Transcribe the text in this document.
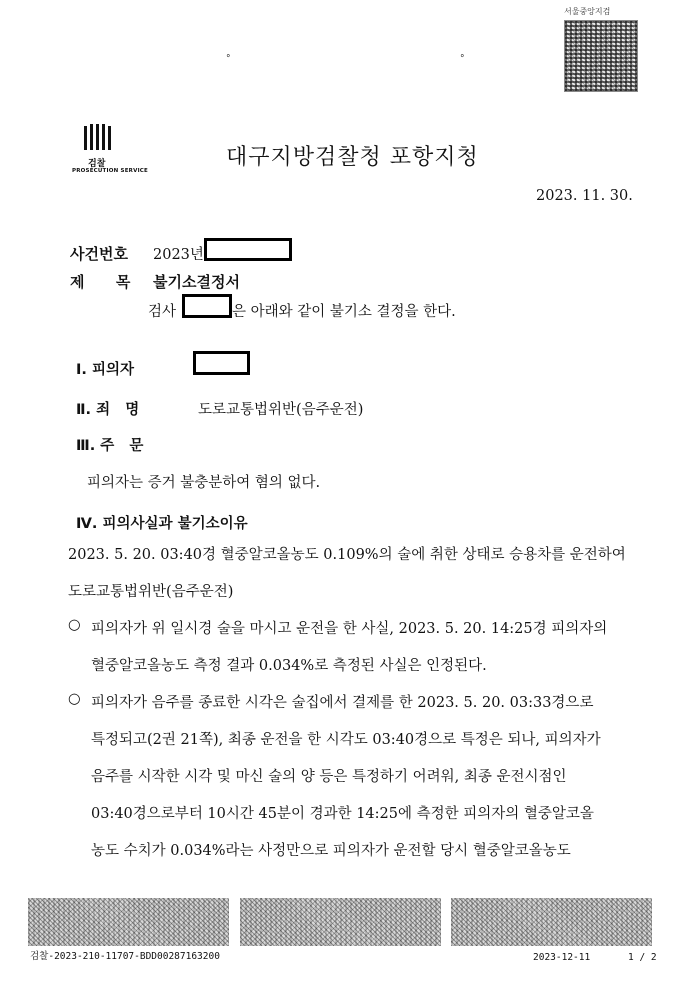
서울중앙지검
°	°
검찰
PROSECUTION SERVICE
대구지방검찰청 포항지청
2023. 11. 30.
사건번호 2023년
제      목 불기소결정서
검사	은 아래와 같이 불기소 결정을 한다.
Ⅰ. 피의자
Ⅱ. 죄   명	도로교통법위반(음주운전)
Ⅲ. 주   문
피의자는 증거 불충분하여 혐의 없다.
Ⅳ. 피의사실과 불기소이유
2023. 5. 20. 03:40경 혈중알코올농도 0.109%의 술에 취한 상태로 승용차를 운전하여
도로교통법위반(음주운전)
○ 피의자가 위 일시경 술을 마시고 운전을 한 사실, 2023. 5. 20. 14:25경 피의자의
혈중알코올농도 측정 결과 0.034%로 측정된 사실은 인정된다.
○ 피의자가 음주를 종료한 시각은 술집에서 결제를 한 2023. 5. 20. 03:33경으로
특정되고(2권 21쪽), 최종 운전을 한 시각도 03:40경으로 특정은 되나, 피의자가
음주를 시작한 시각 및 마신 술의 양 등은 특정하기 어려워, 최종 운전시점인
03:40경으로부터 10시간 45분이 경과한 14:25에 측정한 피의자의 혈중알코올
농도 수치가 0.034%라는 사정만으로 피의자가 운전할 당시 혈중알코올농도
검찰-2023-210-11707-BDD00287163200	2023-12-11	1 / 2
